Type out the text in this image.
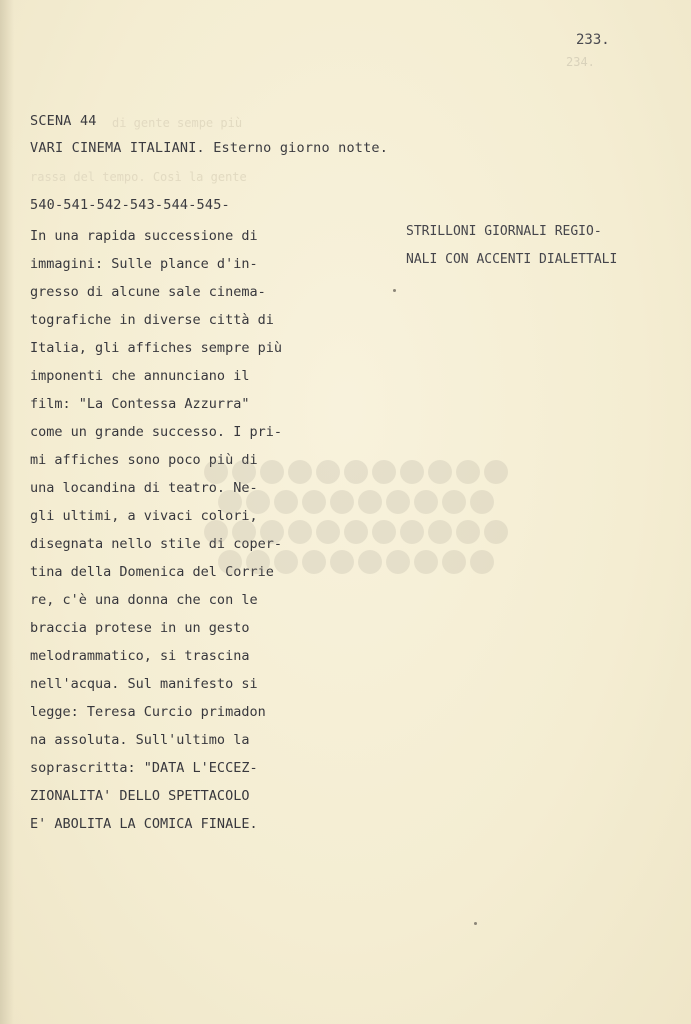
233.
234.
di gente sempe più
rassa del tempo. Così la gente
SCENA 44
VARI CINEMA ITALIANI. Esterno giorno notte.
540-541-542-543-544-545-
In una rapida successione di
immagini: Sulle plance d'in-
gresso di alcune sale cinema-
tografiche in diverse città di
Italia, gli affiches sempre più
imponenti che annunciano il
film: "La Contessa Azzurra"
come un grande successo. I pri-
mi affiches sono poco più di
una locandina di teatro. Ne-
gli ultimi, a vivaci colori,
disegnata nello stile di coper-
tina della Domenica del Corrie
re, c'è una donna che con le
braccia protese in un gesto
melodrammatico, si trascina
nell'acqua. Sul manifesto si
legge: Teresa Curcio primadon
na assoluta. Sull'ultimo la
soprascritta: "DATA L'ECCEZ-
ZIONALITA' DELLO SPETTACOLO
E' ABOLITA LA COMICA FINALE.
STRILLONI GIORNALI REGIO-
NALI CON ACCENTI DIALETTALI
